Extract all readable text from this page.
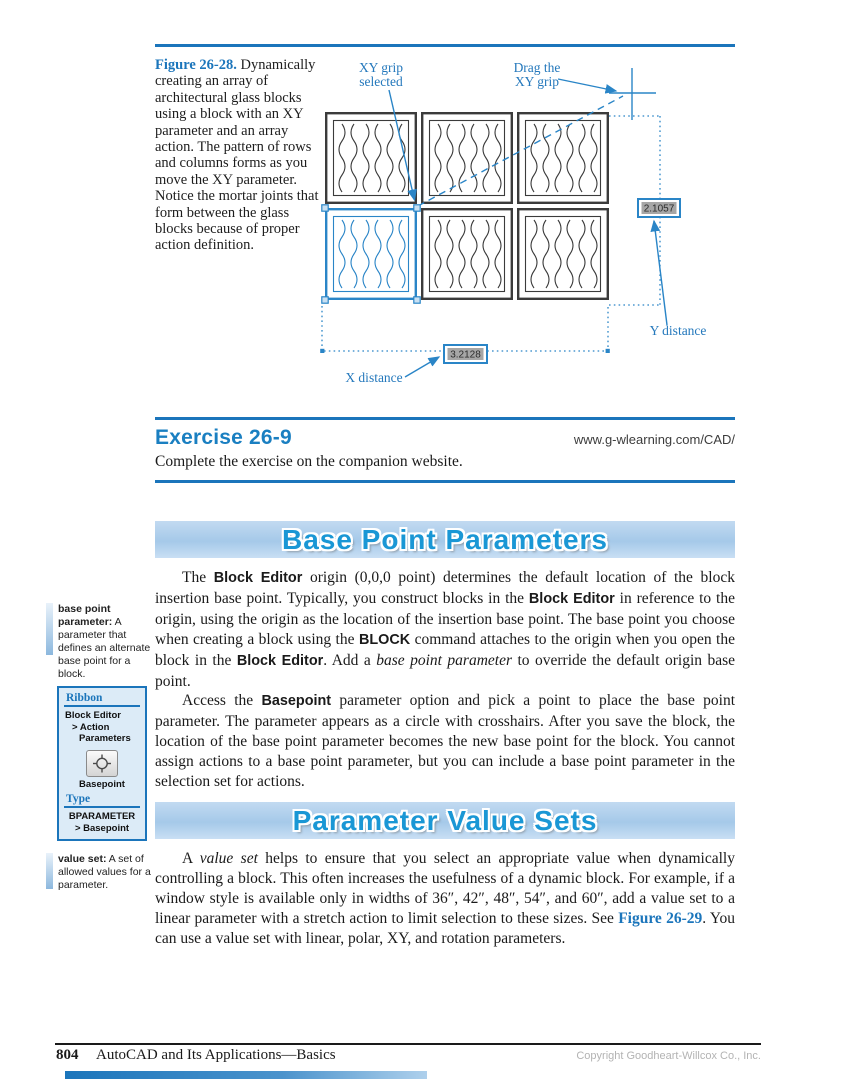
Figure 26-28. Dynamically creating an array of architectural glass blocks using a block with an XY parameter and an array action. The pattern of rows and columns forms as you move the XY parameter. Notice the mortar joints that form between the glass blocks because of proper action definition.
2.1057
3.2128
XY grip
selected
Drag the
XY grip
Y distance
X distance
Exercise 26-9	www.g-wlearning.com/CAD/
Complete the exercise on the companion website.
Base Point Parameters

The Block Editor origin (0,0,0 point) determines the default location of the block insertion base point. Typically, you construct blocks in the Block Editor in reference to the origin, using the origin as the location of the insertion base point. The base point you choose when creating a block using the BLOCK command attaches to the origin when you open the block in the Block Editor. Add a base point parameter to override the default origin base point.

Access the Basepoint parameter option and pick a point to place the base point parameter. The parameter appears as a circle with crosshairs. After you save the block, the location of the base point parameter becomes the new base point for the block. You cannot assign actions to a base point parameter, but you can include a base point parameter in the selection set for actions.

base point parameter: A parameter that defines an alternate base point for a block.
Ribbon
Block Editor
> Action
Parameters
Basepoint
Type
BPARAMETER
> Basepoint	Parameter Value Sets

A value set helps to ensure that you select an appropriate value when dynamically controlling a block. This often increases the usefulness of a dynamic block. For example, if a window style is available only in widths of 36″, 42″, 48″, 54″, and 60″, add a value set to a linear parameter with a stretch action to limit selection to these sizes. See Figure 26-29. You can use a value set with linear, polar, XY, and rotation parameters.

value set: A set of allowed values for a parameter.
804 AutoCAD and Its Applications—Basics	Copyright Goodheart-Willcox Co., Inc.
